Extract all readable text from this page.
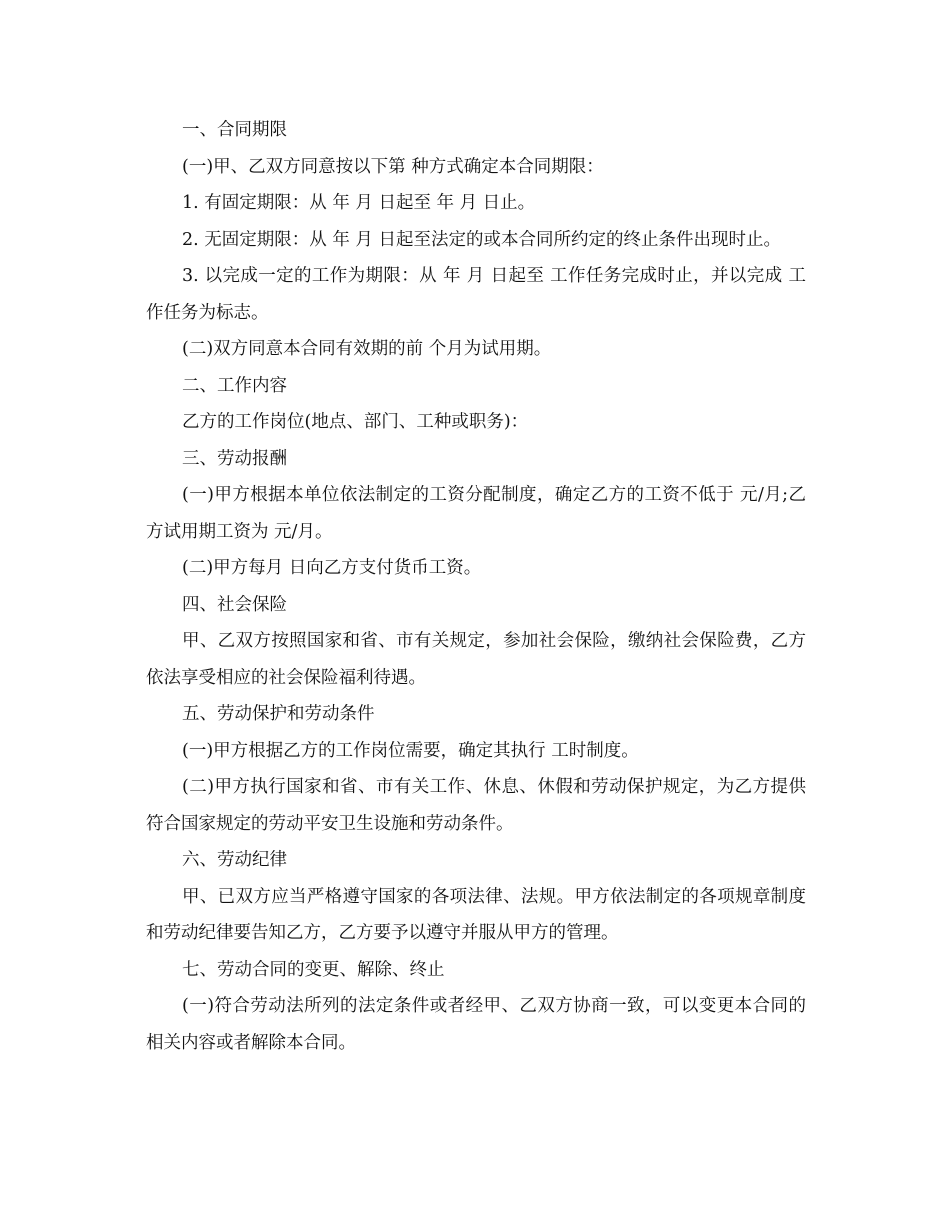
一、合同期限

(一)甲、乙双方同意按以下第 种方式确定本合同期限：

1. 有固定期限：从 年 月 日起至 年 月 日止。

2. 无固定期限：从 年 月 日起至法定的或本合同所约定的终止条件出现时止。

3. 以完成一定的工作为期限：从 年 月 日起至 工作任务完成时止，并以完成 工作任务为标志。

(二)双方同意本合同有效期的前 个月为试用期。

二、工作内容

乙方的工作岗位(地点、部门、工种或职务)：

三、劳动报酬

(一)甲方根据本单位依法制定的工资分配制度，确定乙方的工资不低于 元/月;乙方试用期工资为 元/月。

(二)甲方每月 日向乙方支付货币工资。

四、社会保险

甲、乙双方按照国家和省、市有关规定，参加社会保险，缴纳社会保险费，乙方依法享受相应的社会保险福利待遇。

五、劳动保护和劳动条件

(一)甲方根据乙方的工作岗位需要，确定其执行 工时制度。

(二)甲方执行国家和省、市有关工作、休息、休假和劳动保护规定，为乙方提供符合国家规定的劳动平安卫生设施和劳动条件。

六、劳动纪律

甲、已双方应当严格遵守国家的各项法律、法规。甲方依法制定的各项规章制度和劳动纪律要告知乙方，乙方要予以遵守并服从甲方的管理。

七、劳动合同的变更、解除、终止

(一)符合劳动法所列的法定条件或者经甲、乙双方协商一致，可以变更本合同的相关内容或者解除本合同。
